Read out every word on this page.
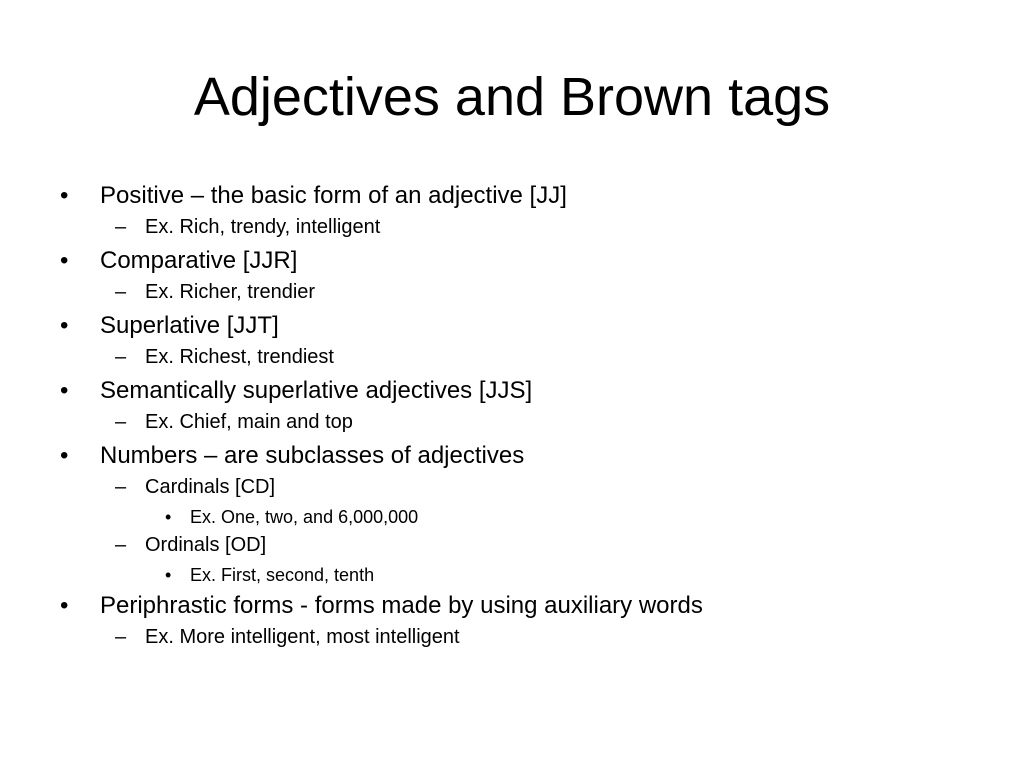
Adjectives and Brown tags
• Positive – the basic form of an adjective [JJ]
– Ex. Rich, trendy, intelligent
• Comparative [JJR]
– Ex. Richer, trendier
• Superlative [JJT]
– Ex. Richest, trendiest
• Semantically superlative adjectives [JJS]
– Ex. Chief, main and top
• Numbers – are subclasses of adjectives
– Cardinals [CD]
• Ex. One, two, and 6,000,000
– Ordinals [OD]
• Ex. First, second, tenth
• Periphrastic forms - forms made by using auxiliary words
– Ex. More intelligent, most intelligent
